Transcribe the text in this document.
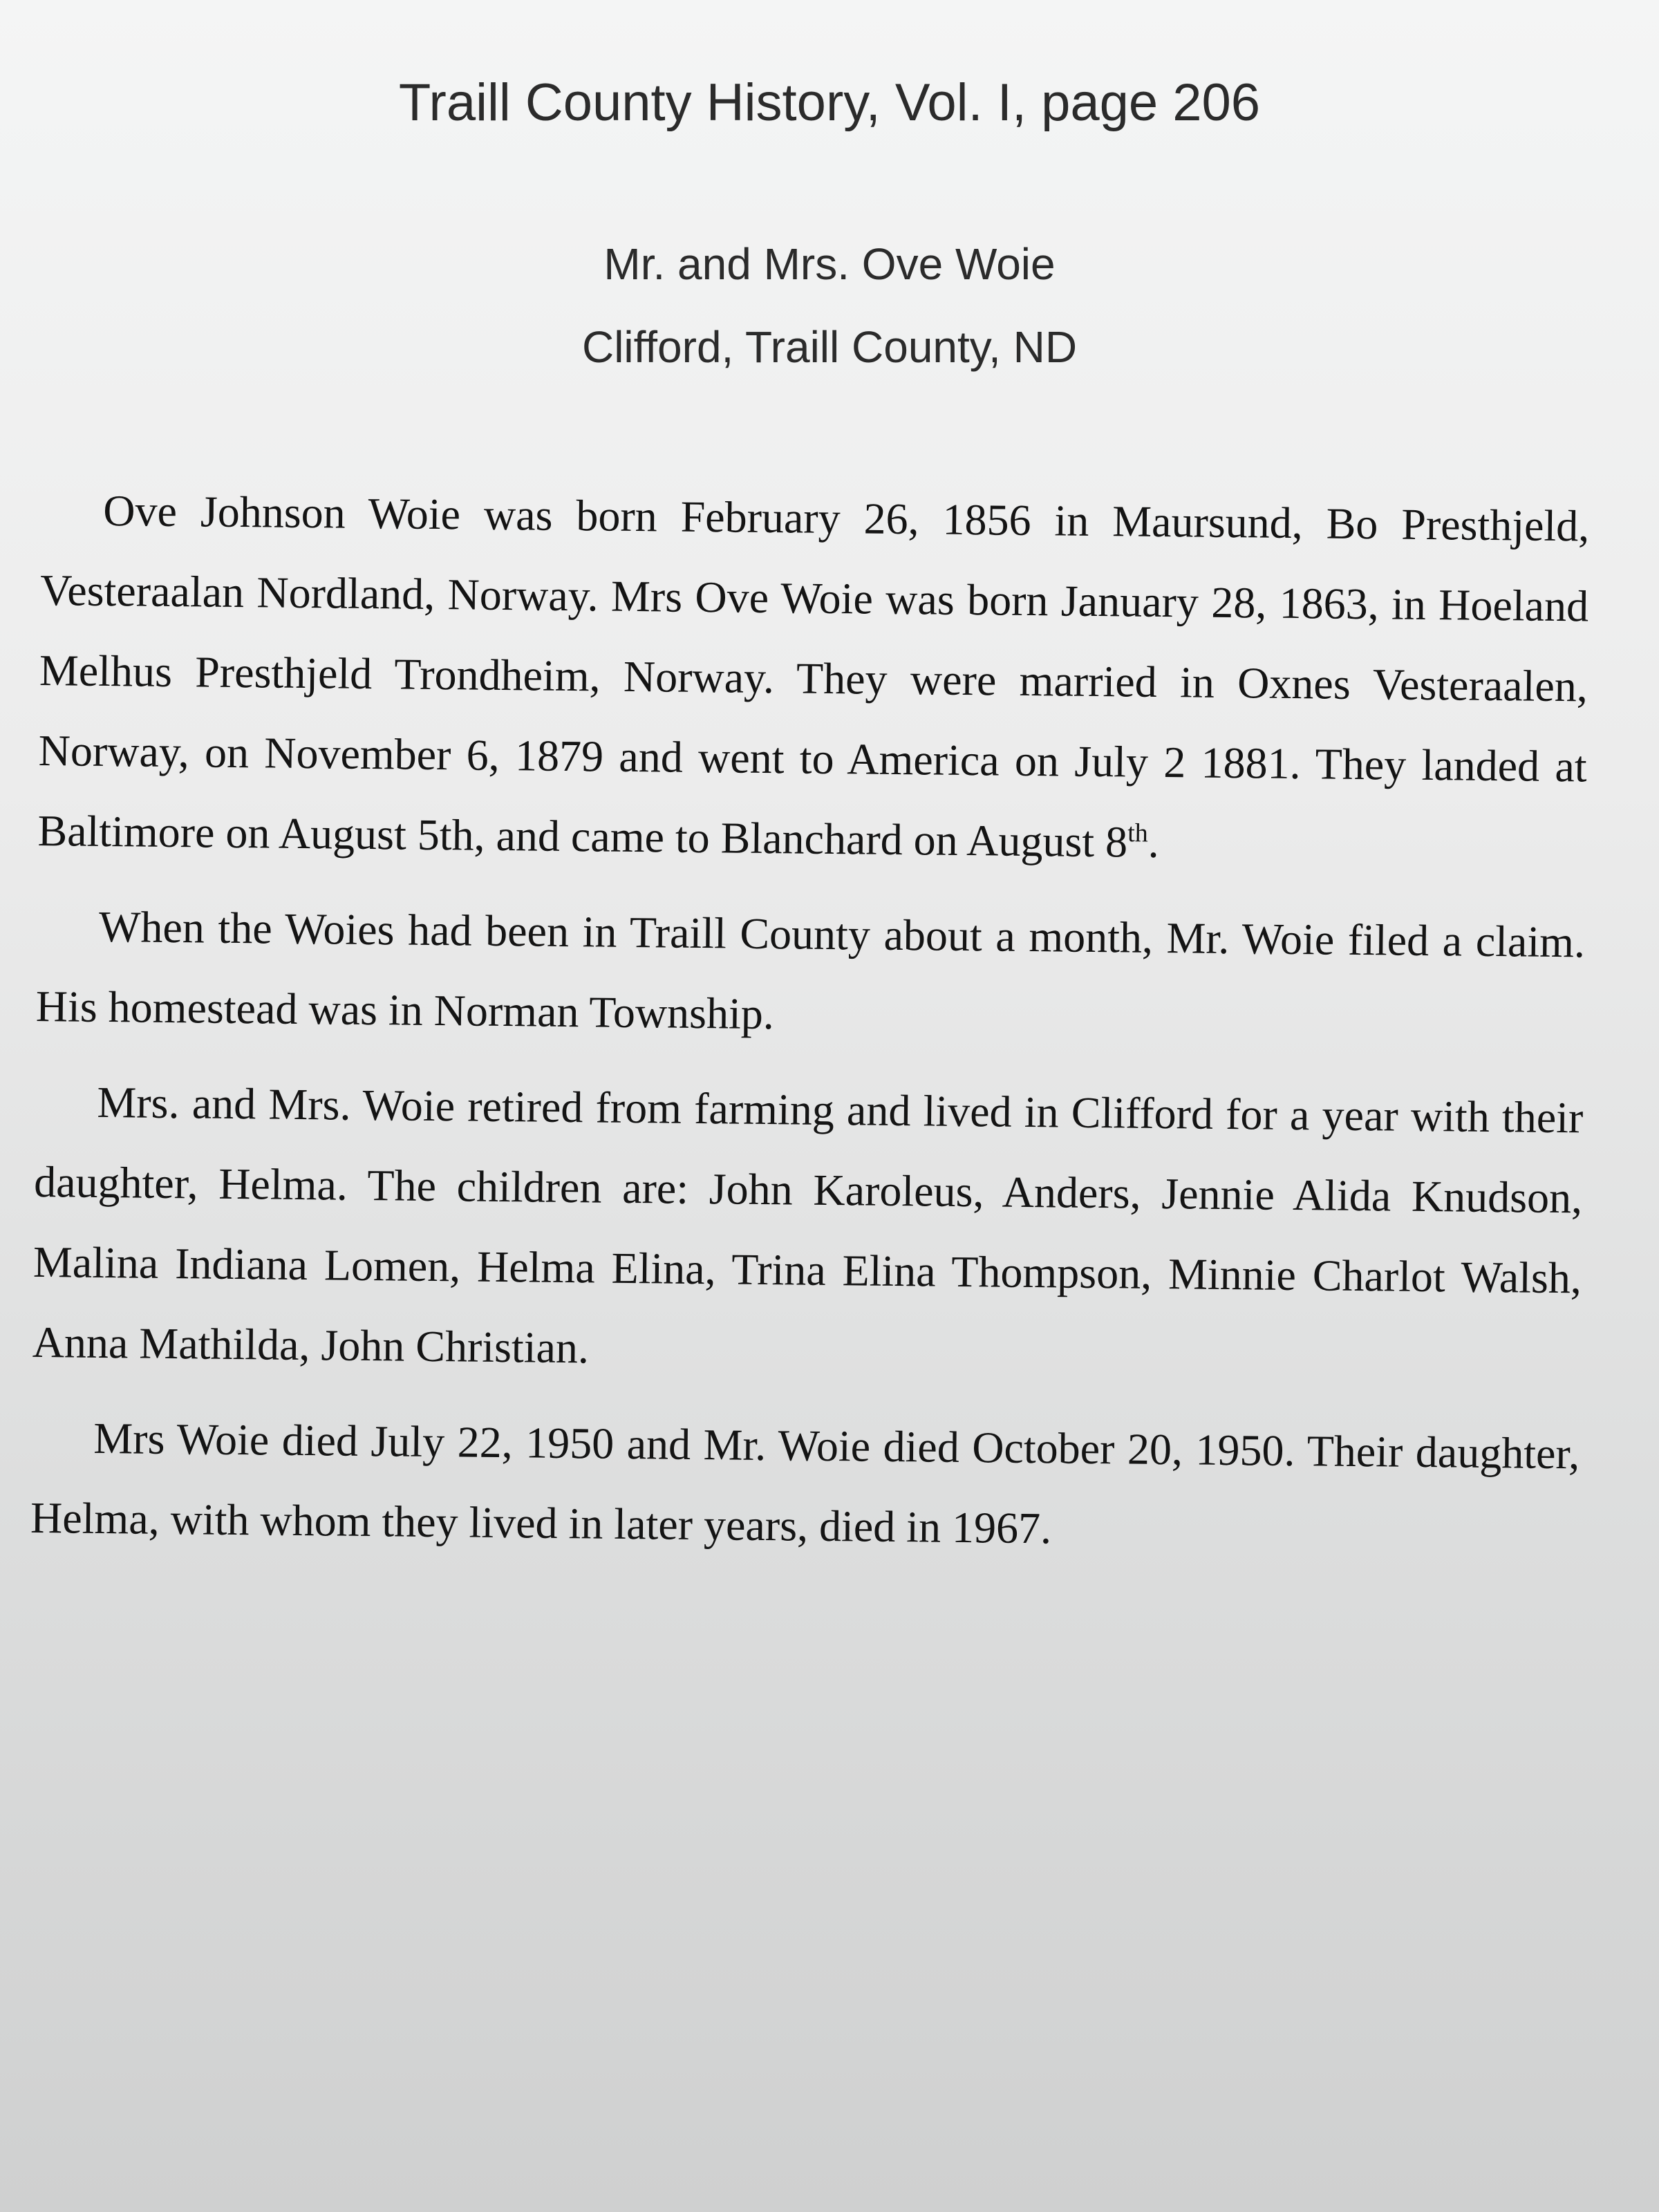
Traill County History, Vol. I, page 206
Mr. and Mrs. Ove Woie
Clifford, Traill County, ND

Ove Johnson Woie was born February 26, 1856 in Maursund, Bo Presthjeld, Vesteraalan Nordland, Norway. Mrs Ove Woie was born January 28, 1863, in Hoeland Melhus Presthjeld Trondheim, Norway. They were married in Oxnes Vesteraalen, Norway, on November 6, 1879 and went to America on July 2 1881. They landed at Baltimore on August 5th, and came to Blanchard on August 8th.

When the Woies had been in Traill County about a month, Mr. Woie filed a claim. His homestead was in Norman Township.

Mrs. and Mrs. Woie retired from farming and lived in Clifford for a year with their daughter, Helma. The children are: John Karoleus, Anders, Jennie Alida Knudson, Malina Indiana Lomen, Helma Elina, Trina Elina Thompson, Minnie Charlot Walsh, Anna Mathilda, John Christian.

Mrs Woie died July 22, 1950 and Mr. Woie died October 20, 1950. Their daughter, Helma, with whom they lived in later years, died in 1967.
